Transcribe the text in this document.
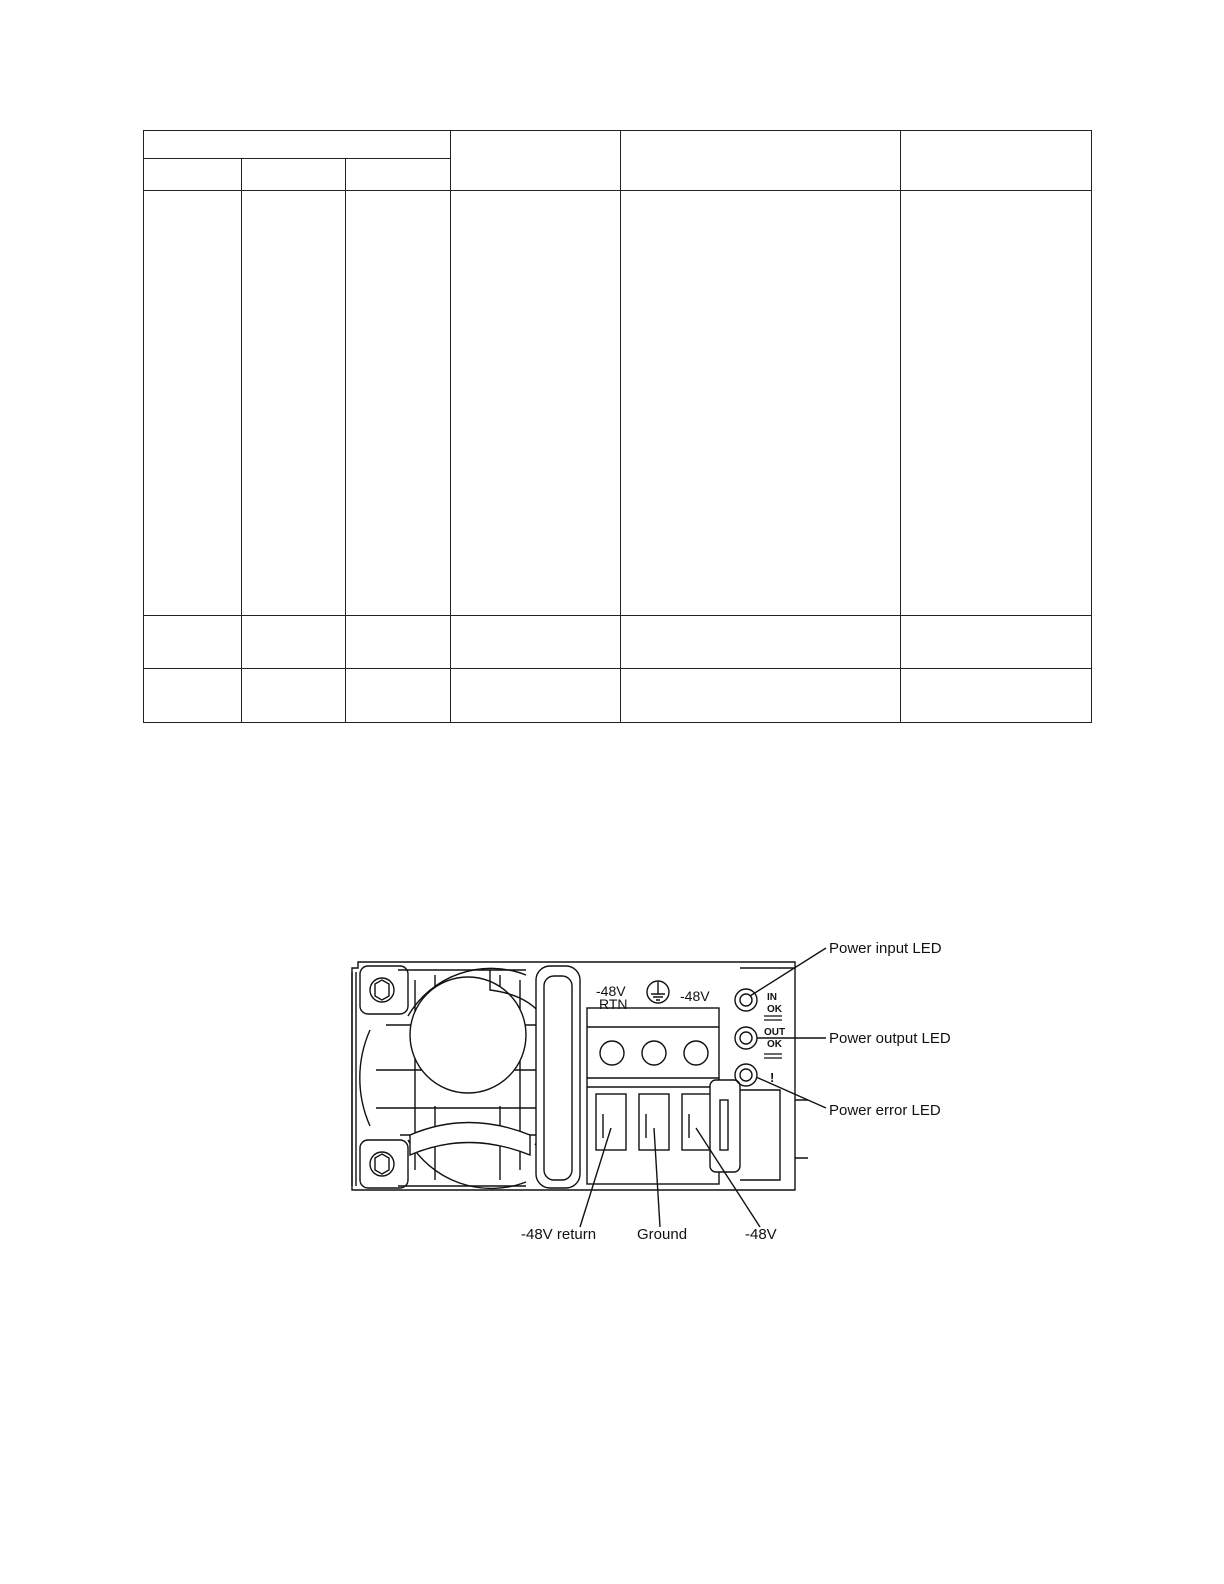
-48V
RTN	-48V	IN
OK
OUT
OK
!
Power input LED
Power output LED
Power error LED
-48V return	Ground	-48V
